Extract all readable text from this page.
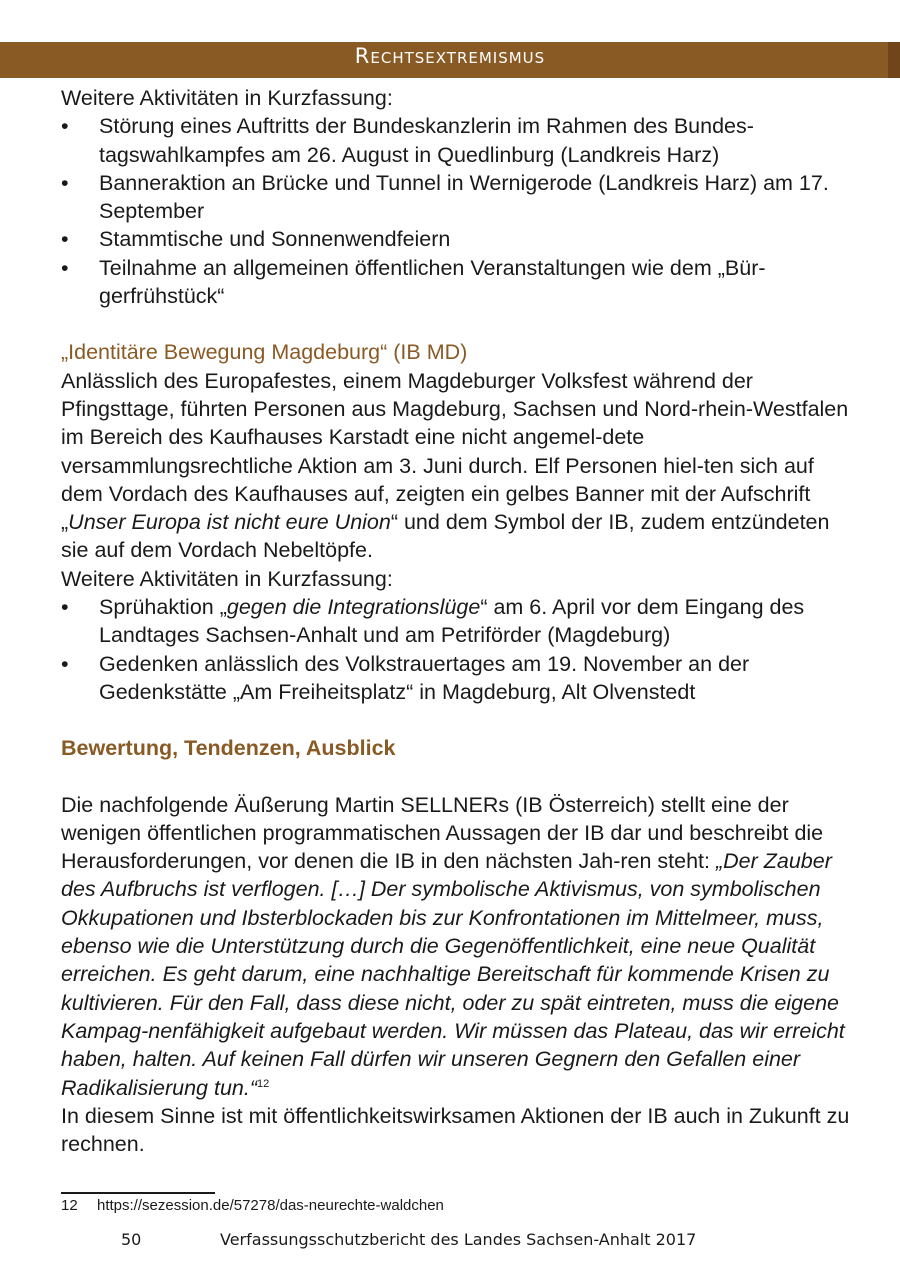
Rechtsextremismus

Weitere Aktivitäten in Kurzfassung:

•	Störung eines Auftritts der Bundeskanzlerin im Rahmen des Bundes-tagswahlkampfes am 26. August in Quedlinburg (Landkreis Harz)
•	Banneraktion an Brücke und Tunnel in Wernigerode (Landkreis Harz) am 17. September
•	Stammtische und Sonnenwendfeiern
•	Teilnahme an allgemeinen öffentlichen Veranstaltungen wie dem „Bür-gerfrühstück“

„Identitäre Bewegung Magdeburg“ (IB MD)

Anlässlich des Europafestes, einem Magdeburger Volksfest während der Pfingsttage, führten Personen aus Magdeburg, Sachsen und Nord-rhein-Westfalen im Bereich des Kaufhauses Karstadt eine nicht angemel-dete versammlungsrechtliche Aktion am 3. Juni durch. Elf Personen hiel-ten sich auf dem Vordach des Kaufhauses auf, zeigten ein gelbes Banner mit der Aufschrift „Unser Europa ist nicht eure Union“ und dem Symbol der IB, zudem entzündeten sie auf dem Vordach Nebeltöpfe.

Weitere Aktivitäten in Kurzfassung:

•	Sprühaktion „gegen die Integrationslüge“ am 6. April vor dem Eingang des Landtages Sachsen-Anhalt und am Petriförder (Magdeburg)
•	Gedenken anlässlich des Volkstrauertages am 19. November an der Gedenkstätte „Am Freiheitsplatz“ in Magdeburg, Alt Olvenstedt

Bewertung, Tendenzen, Ausblick

Die nachfolgende Äußerung Martin SELLNERs (IB Österreich) stellt eine der wenigen öffentlichen programmatischen Aussagen der IB dar und beschreibt die Herausforderungen, vor denen die IB in den nächsten Jah-ren steht: „Der Zauber des Aufbruchs ist verflogen. […] Der symbolische Aktivismus, von symbolischen Okkupationen und Ibsterblockaden bis zur Konfrontationen im Mittelmeer, muss, ebenso wie die Unterstützung durch die Gegenöffentlichkeit, eine neue Qualität erreichen. Es geht darum, eine nachhaltige Bereitschaft für kommende Krisen zu kultivieren. Für den Fall, dass diese nicht, oder zu spät eintreten, muss die eigene Kampag-nenfähigkeit aufgebaut werden. Wir müssen das Plateau, das wir erreicht haben, halten. Auf keinen Fall dürfen wir unseren Gegnern den Gefallen einer Radikalisierung tun.“$^{12}$

In diesem Sinne ist mit öffentlichkeitswirksamen Aktionen der IB auch in Zukunft zu rechnen.

12 https://sezession.de/57278/das-neurechte-waldchen
50	Verfassungsschutzbericht des Landes Sachsen-Anhalt 2017
